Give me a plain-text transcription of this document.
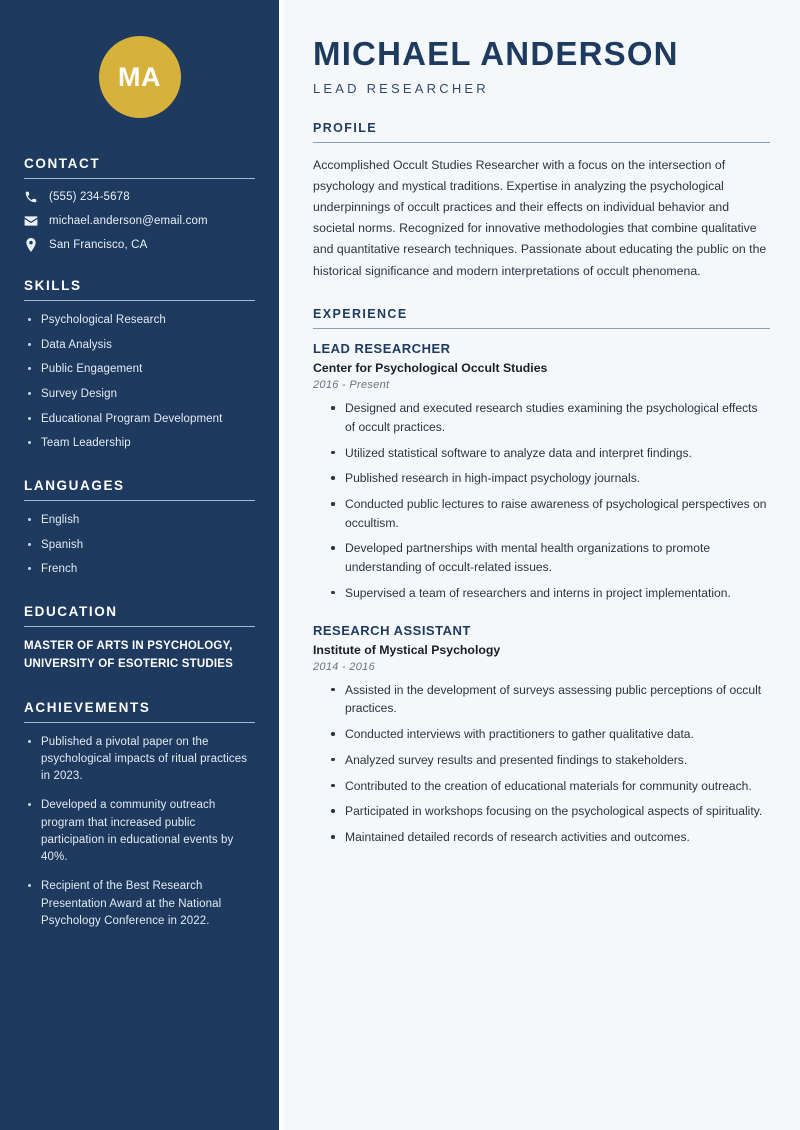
MA
CONTACT
(555) 234-5678
michael.anderson@email.com
San Francisco, CA
SKILLS
Psychological Research
Data Analysis
Public Engagement
Survey Design
Educational Program Development
Team Leadership
LANGUAGES
English
Spanish
French
EDUCATION
MASTER OF ARTS IN PSYCHOLOGY, UNIVERSITY OF ESOTERIC STUDIES
ACHIEVEMENTS
Published a pivotal paper on the psychological impacts of ritual practices in 2023.
Developed a community outreach program that increased public participation in educational events by 40%.
Recipient of the Best Research Presentation Award at the National Psychology Conference in 2022.
MICHAEL ANDERSON
LEAD RESEARCHER
PROFILE

Accomplished Occult Studies Researcher with a focus on the intersection of psychology and mystical traditions. Expertise in analyzing the psychological underpinnings of occult practices and their effects on individual behavior and societal norms. Recognized for innovative methodologies that combine qualitative and quantitative research techniques. Passionate about educating the public on the historical significance and modern interpretations of occult phenomena.

EXPERIENCE
LEAD RESEARCHER
Center for Psychological Occult Studies
2016 - Present
Designed and executed research studies examining the psychological effects of occult practices.
Utilized statistical software to analyze data and interpret findings.
Published research in high-impact psychology journals.
Conducted public lectures to raise awareness of psychological perspectives on occultism.
Developed partnerships with mental health organizations to promote understanding of occult-related issues.
Supervised a team of researchers and interns in project implementation.
RESEARCH ASSISTANT
Institute of Mystical Psychology
2014 - 2016
Assisted in the development of surveys assessing public perceptions of occult practices.
Conducted interviews with practitioners to gather qualitative data.
Analyzed survey results and presented findings to stakeholders.
Contributed to the creation of educational materials for community outreach.
Participated in workshops focusing on the psychological aspects of spirituality.
Maintained detailed records of research activities and outcomes.
